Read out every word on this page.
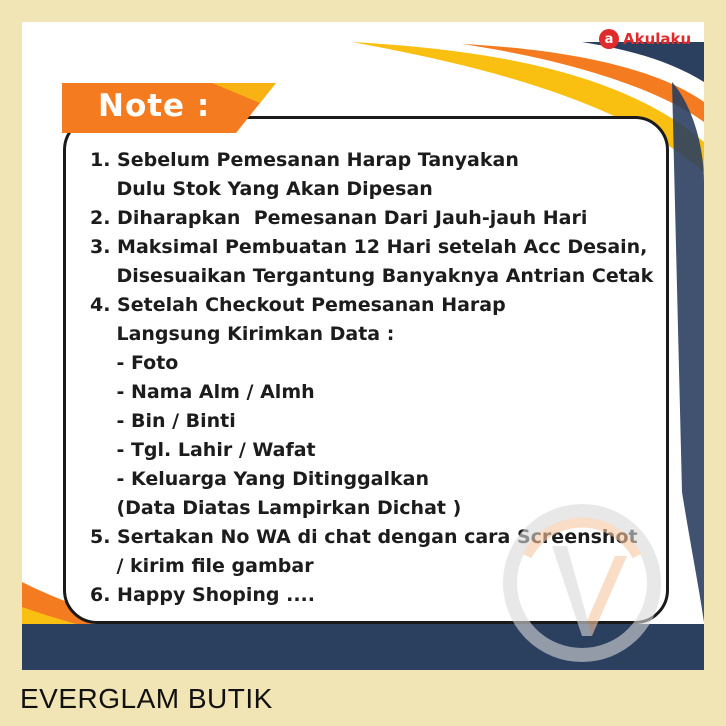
a Akulaku
Note :
1. Sebelum Pemesanan Harap Tanyakan
Dulu Stok Yang Akan Dipesan
2. Diharapkan  Pemesanan Dari Jauh-jauh Hari
3. Maksimal Pembuatan 12 Hari setelah Acc Desain,
Disesuaikan Tergantung Banyaknya Antrian Cetak
4. Setelah Checkout Pemesanan Harap
Langsung Kirimkan Data :
- Foto
- Nama Alm / Almh
- Bin / Binti
- Tgl. Lahir / Wafat
- Keluarga Yang Ditinggalkan
(Data Diatas Lampirkan Dichat )
5. Sertakan No WA di chat dengan cara Screenshot
/ kirim file gambar
6. Happy Shoping ....
EVERGLAM BUTIK
